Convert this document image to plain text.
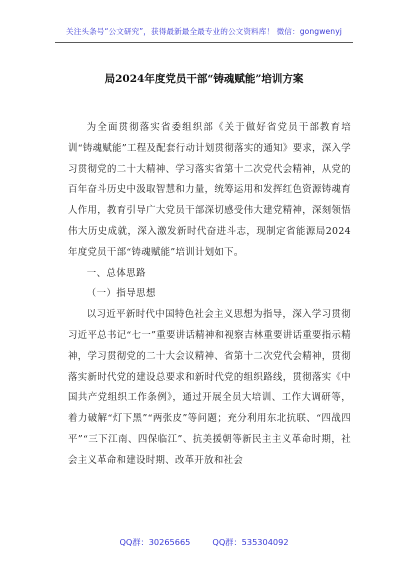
关注头条号“公文研究”，获得最新最全最专业的公文资料库！ 微信：gongwenyj
局2024年度党员干部“铸魂赋能”培训方案

为全面贯彻落实省委组织部《关于做好省党员干部教育培训“铸魂赋能”工程及配套行动计划贯彻落实的通知》要求，深入学习贯彻党的二十大精神、学习落实省第十二次党代会精神，从党的百年奋斗历史中汲取智慧和力量，统筹运用和发挥红色资源铸魂育人作用，教育引导广大党员干部深切感受伟大建党精神，深刻领悟伟大历史成就，深入激发新时代奋进斗志，现制定省能源局2024年度党员干部“铸魂赋能”培训计划如下。

一、总体思路

（一）指导思想

以习近平新时代中国特色社会主义思想为指导，深入学习贯彻习近平总书记“七一”重要讲话精神和视察吉林重要讲话重要指示精神，学习贯彻党的二十大会议精神、省第十二次党代会精神，贯彻落实新时代党的建设总要求和新时代党的组织路线，贯彻落实《中国共产党组织工作条例》，通过开展全员大培训、工作大调研等，着力破解“灯下黑”“两张皮”等问题；充分利用东北抗联、“四战四平”“三下江南、四保临江”、抗美援朝等新民主主义革命时期，社会主义革命和建设时期、改革开放和社会

QQ群：30265665	QQ群：535304092
